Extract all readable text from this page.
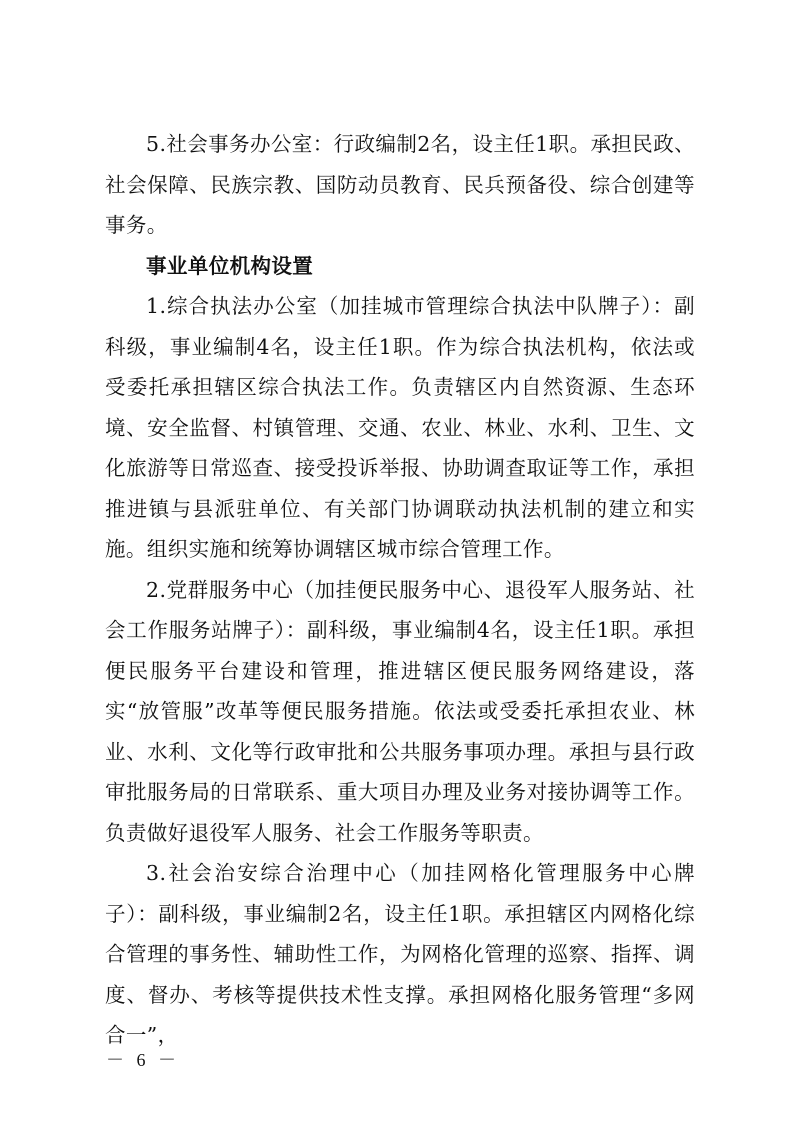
5.社会事务办公室：行政编制2名，设主任1职。承担民政、社会保障、民族宗教、国防动员教育、民兵预备役、综合创建等事务。

事业单位机构设置

1.综合执法办公室（加挂城市管理综合执法中队牌子）：副科级，事业编制4名，设主任1职。作为综合执法机构，依法或受委托承担辖区综合执法工作。负责辖区内自然资源、生态环境、安全监督、村镇管理、交通、农业、林业、水利、卫生、文化旅游等日常巡查、接受投诉举报、协助调查取证等工作，承担推进镇与县派驻单位、有关部门协调联动执法机制的建立和实施。组织实施和统筹协调辖区城市综合管理工作。

2.党群服务中心（加挂便民服务中心、退役军人服务站、社会工作服务站牌子）：副科级，事业编制4名，设主任1职。承担便民服务平台建设和管理，推进辖区便民服务网络建设，落实“放管服”改革等便民服务措施。依法或受委托承担农业、林业、水利、文化等行政审批和公共服务事项办理。承担与县行政审批服务局的日常联系、重大项目办理及业务对接协调等工作。负责做好退役军人服务、社会工作服务等职责。

3.社会治安综合治理中心（加挂网格化管理服务中心牌子）：副科级，事业编制2名，设主任1职。承担辖区内网格化综合管理的事务性、辅助性工作，为网格化管理的巡察、指挥、调度、督办、考核等提供技术性支撑。承担网格化服务管理“多网合一”，

－ 6 －
